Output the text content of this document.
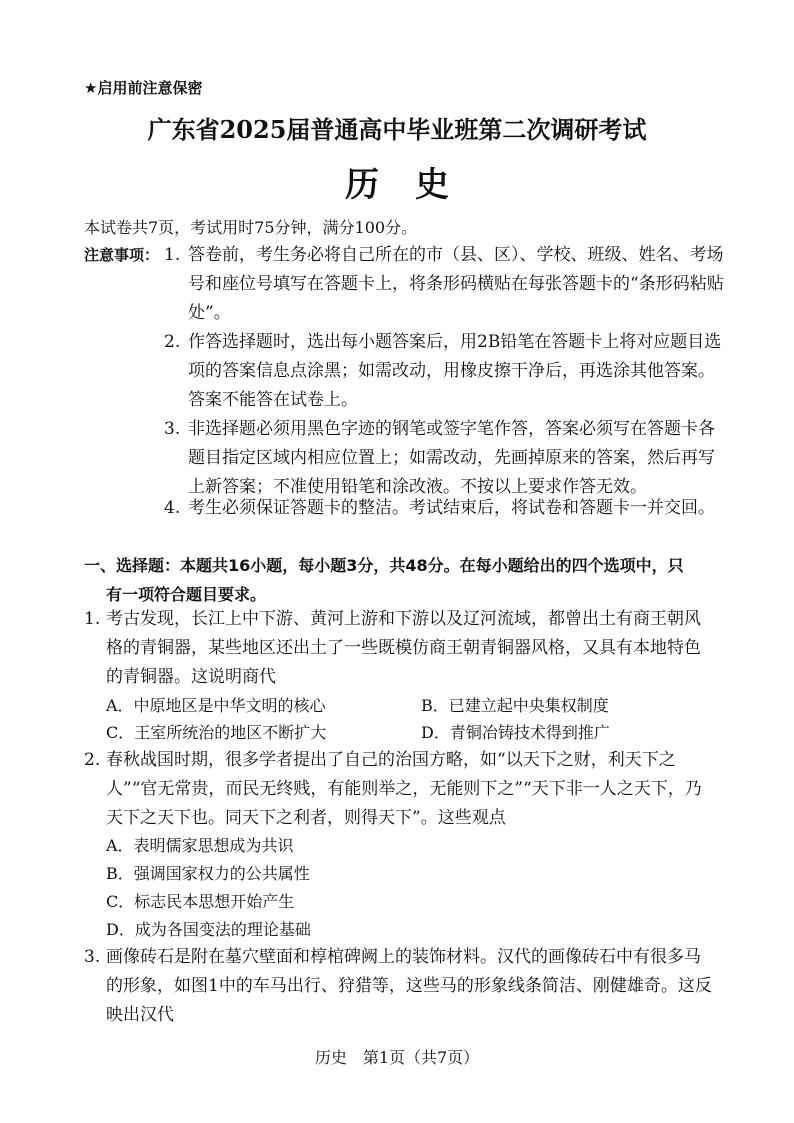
★启用前注意保密
广东省2025届普通高中毕业班第二次调研考试
历史
本试卷共7页，考试用时75分钟，满分100分。
注意事项： 1. 答卷前，考生务必将自己所在的市（县、区）、学校、班级、姓名、考场号和座位号填写在答题卡上，将条形码横贴在每张答题卡的“条形码粘贴处”。
2. 作答选择题时，选出每小题答案后，用2B铅笔在答题卡上将对应题目选项的答案信息点涂黑；如需改动，用橡皮擦干净后，再选涂其他答案。答案不能答在试卷上。
3. 非选择题必须用黑色字迹的钢笔或签字笔作答，答案必须写在答题卡各题目指定区域内相应位置上；如需改动，先画掉原来的答案，然后再写上新答案；不准使用铅笔和涂改液。不按以上要求作答无效。
4. 考生必须保证答题卡的整洁。考试结束后，将试卷和答题卡一并交回。
一、选择题：本题共16小题，每小题3分，共48分。在每小题给出的四个选项中，只
有一项符合题目要求。
1. 考古发现，长江上中下游、黄河上游和下游以及辽河流域，都曾出土有商王朝风格的青铜器，某些地区还出土了一些既模仿商王朝青铜器风格，又具有本地特色的青铜器。这说明商代
A．中原地区是中华文明的核心	B．已建立起中央集权制度
C．王室所统治的地区不断扩大	D．青铜冶铸技术得到推广
2. 春秋战国时期，很多学者提出了自己的治国方略，如“以天下之财，利天下之人”“官无常贵，而民无终贱，有能则举之，无能则下之”“天下非一人之天下，乃天下之天下也。同天下之利者，则得天下”。这些观点
A．表明儒家思想成为共识
B．强调国家权力的公共属性
C．标志民本思想开始产生
D．成为各国变法的理论基础
3. 画像砖石是附在墓穴壁面和椁棺碑阙上的装饰材料。汉代的画像砖石中有很多马的形象，如图1中的车马出行、狩猎等，这些马的形象线条简洁、刚健雄奇。这反映出汉代
历史　第1页（共7页）
